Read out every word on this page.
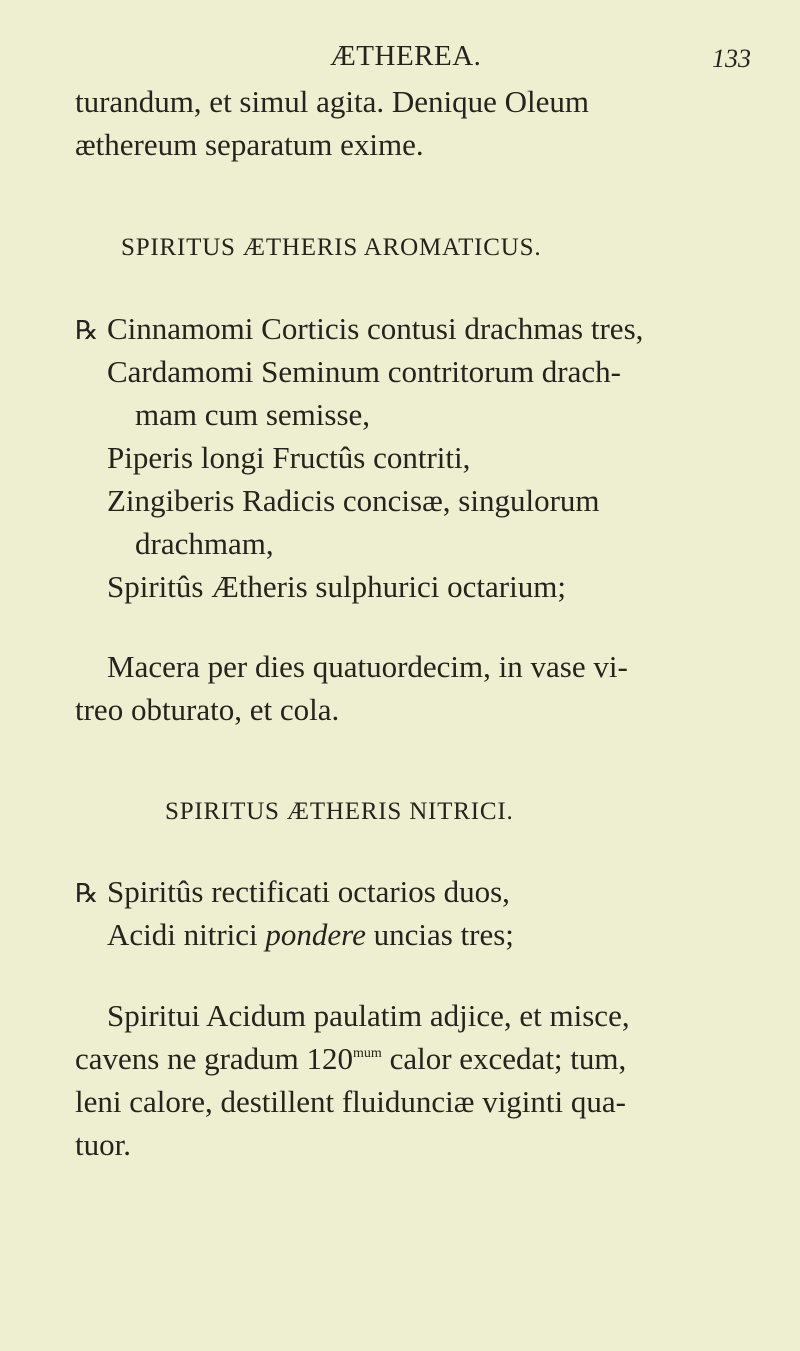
ÆTHEREA.	133
turandum, et simul agita. Denique Oleum
æthereum separatum exime.
SPIRITUS ÆTHERIS AROMATICUS.
℞ Cinnamomi Corticis contusi drachmas tres,
Cardamomi Seminum contritorum drach-
mam cum semisse,
Piperis longi Fructûs contriti,
Zingiberis Radicis concisæ, singulorum
drachmam,
Spiritûs Ætheris sulphurici octarium;
Macera per dies quatuordecim, in vase vi-
treo obturato, et cola.
SPIRITUS ÆTHERIS NITRICI.
℞ Spiritûs rectificati octarios duos,
Acidi nitrici pondere uncias tres;
Spiritui Acidum paulatim adjice, et misce,
cavens ne gradum $120^{mum}$ calor excedat; tum,
leni calore, destillent fluidunciæ viginti qua-
tuor.
